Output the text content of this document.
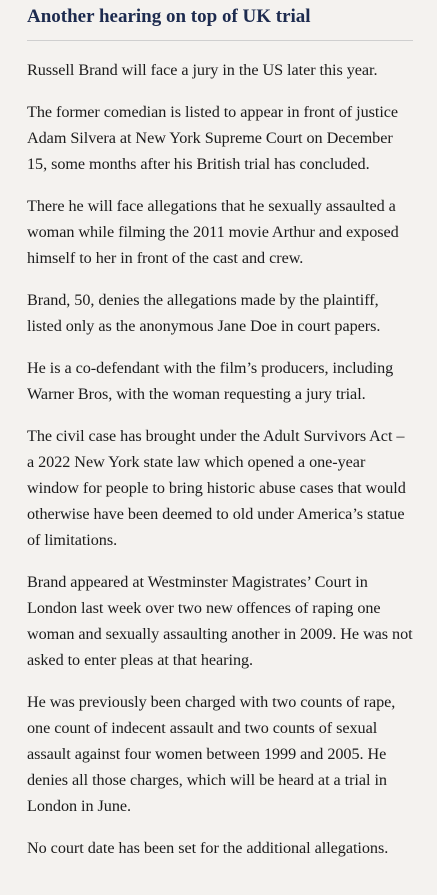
Another hearing on top of UK trial

Russell Brand will face a jury in the US later this year.

The former comedian is listed to appear in front of justice Adam Silvera at New York Supreme Court on December 15, some months after his British trial has concluded.

There he will face allegations that he sexually assaulted a woman while filming the 2011 movie Arthur and exposed himself to her in front of the cast and crew.

Brand, 50, denies the allegations made by the plaintiff, listed only as the anonymous Jane Doe in court papers.

He is a co-defendant with the film’s producers, including Warner Bros, with the woman requesting a jury trial.

The civil case has brought under the Adult Survivors Act – a 2022 New York state law which opened a one-year window for people to bring historic abuse cases that would otherwise have been deemed to old under America’s statue of limitations.

Brand appeared at Westminster Magistrates’ Court in London last week over two new offences of raping one woman and sexually assaulting another in 2009. He was not asked to enter pleas at that hearing.

He was previously been charged with two counts of rape, one count of indecent assault and two counts of sexual assault against four women between 1999 and 2005. He denies all those charges, which will be heard at a trial in London in June.

No court date has been set for the additional allegations.
